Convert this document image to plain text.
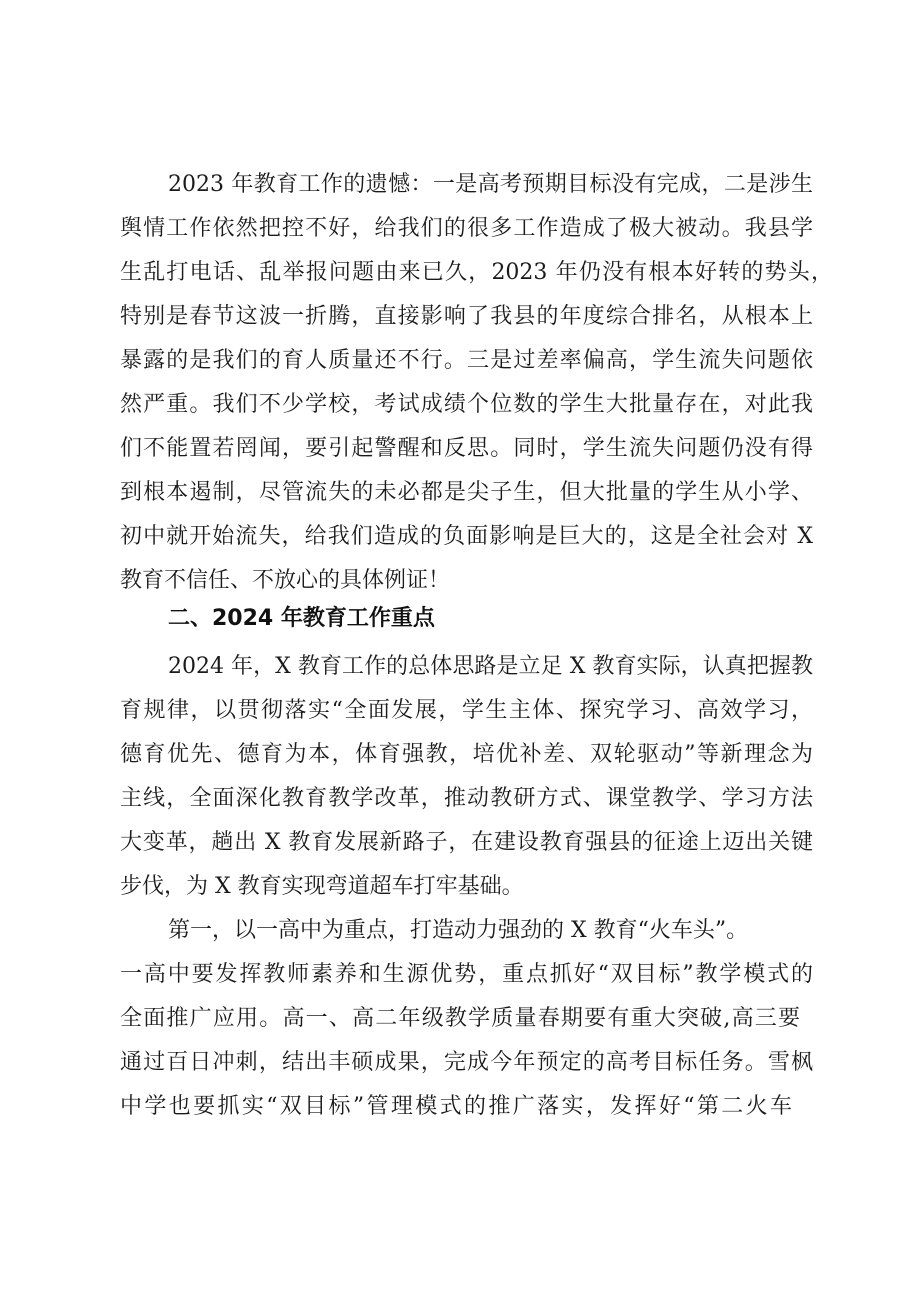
2023 年教育工作的遗憾：一是高考预期目标没有完成，二是涉生
舆情工作依然把控不好，给我们的很多工作造成了极大被动。我县学
生乱打电话、乱举报问题由来已久，2023 年仍没有根本好转的势头，
特别是春节这波一折腾，直接影响了我县的年度综合排名，从根本上
暴露的是我们的育人质量还不行。三是过差率偏高，学生流失问题依
然严重。我们不少学校，考试成绩个位数的学生大批量存在，对此我
们不能置若罔闻，要引起警醒和反思。同时，学生流失问题仍没有得
到根本遏制，尽管流失的未必都是尖子生，但大批量的学生从小学、
初中就开始流失，给我们造成的负面影响是巨大的，这是全社会对 X
教育不信任、不放心的具体例证！
二、2024 年教育工作重点
2024 年，X 教育工作的总体思路是立足 X 教育实际，认真把握教
育规律，以贯彻落实“全面发展，学生主体、探究学习、高效学习，
德育优先、德育为本，体育强教，培优补差、双轮驱动”等新理念为
主线，全面深化教育教学改革，推动教研方式、课堂教学、学习方法
大变革，趟出 X 教育发展新路子，在建设教育强县的征途上迈出关键
步伐，为 X 教育实现弯道超车打牢基础。
第一，以一高中为重点，打造动力强劲的 X 教育“火车头”。
一高中要发挥教师素养和生源优势，重点抓好“双目标”教学模式的
全面推广应用。高一、高二年级教学质量春期要有重大突破,高三要
通过百日冲刺，结出丰硕成果，完成今年预定的高考目标任务。雪枫
中学也要抓实“双目标”管理模式的推广落实，发挥好“第二火车
